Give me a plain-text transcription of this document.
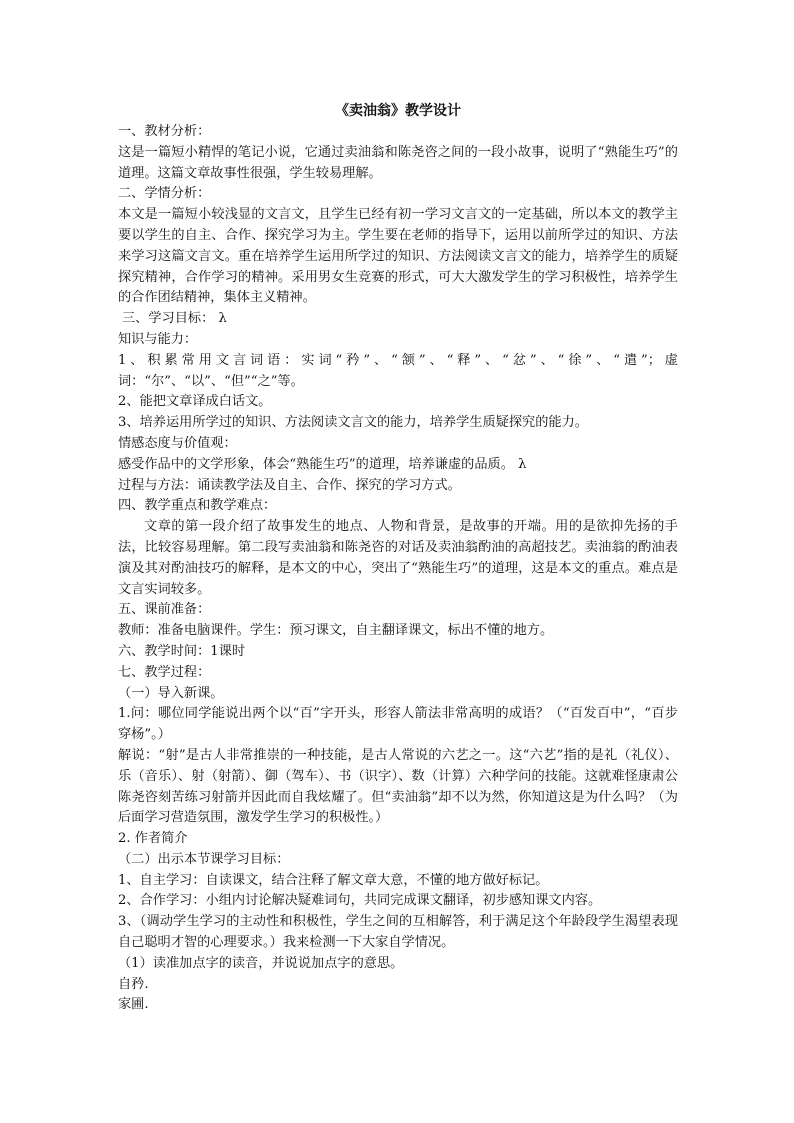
《卖油翁》教学设计
一、教材分析：
这是一篇短小精悍的笔记小说，它通过卖油翁和陈尧咨之间的一段小故事，说明了“熟能生巧”的道理。这篇文章故事性很强，学生较易理解。
二、学情分析：
本文是一篇短小较浅显的文言文，且学生已经有初一学习文言文的一定基础，所以本文的教学主要以学生的自主、合作、探究学习为主。学生要在老师的指导下，运用以前所学过的知识、方法来学习这篇文言文。重在培养学生运用所学过的知识、方法阅读文言文的能力，培养学生的质疑探究精神，合作学习的精神。采用男女生竞赛的形式，可大大激发学生的学习积极性，培养学生的合作团结精神，集体主义精神。
三、学习目标： λ
知识与能力：
1、积累常用文言词语：实词“矜”、“颔”、“释”、“忿”、“徐”、“遣”；虚词：“尔”、“以”、“但”“之”等。
2、能把文章译成白话文。
3、培养运用所学过的知识、方法阅读文言文的能力，培养学生质疑探究的能力。
情感态度与价值观：
感受作品中的文学形象，体会“熟能生巧”的道理，培养谦虚的品质。 λ
过程与方法：诵读教学法及自主、合作、探究的学习方式。
四、教学重点和教学难点：
文章的第一段介绍了故事发生的地点、人物和背景，是故事的开端。用的是欲抑先扬的手法，比较容易理解。第二段写卖油翁和陈尧咨的对话及卖油翁酌油的高超技艺。卖油翁的酌油表演及其对酌油技巧的解释，是本文的中心，突出了“熟能生巧”的道理，这是本文的重点。难点是文言实词较多。
五、课前准备：
教师：准备电脑课件。学生：预习课文，自主翻译课文，标出不懂的地方。
六、教学时间：1课时
七、教学过程：
（一）导入新课。
1.问：哪位同学能说出两个以“百”字开头，形容人箭法非常高明的成语？（“百发百中”，“百步穿杨”。）
解说：“射”是古人非常推崇的一种技能，是古人常说的六艺之一。这“六艺”指的是礼（礼仪）、乐（音乐）、射（射箭）、御（驾车）、书（识字）、数（计算）六种学问的技能。这就难怪康肃公陈尧咨刻苦练习射箭并因此而自我炫耀了。但“卖油翁”却不以为然，你知道这是为什么吗？（为后面学习营造氛围，激发学生学习的积极性。）
2. 作者简介
（二）出示本节课学习目标：
1、自主学习：自读课文，结合注释了解文章大意，不懂的地方做好标记。
2、合作学习：小组内讨论解决疑难词句，共同完成课文翻译，初步感知课文内容。
3、（调动学生学习的主动性和积极性，学生之间的互相解答，利于满足这个年龄段学生渴望表现自己聪明才智的心理要求。）我来检测一下大家自学情况。
（1）读准加点字的读音，并说说加点字的意思。
自矜.
家圃.
